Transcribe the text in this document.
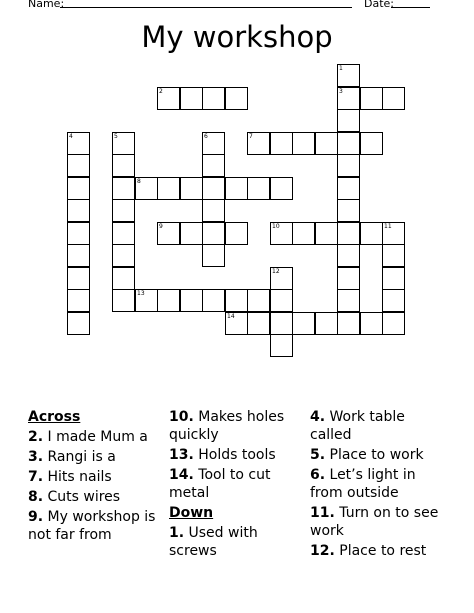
Name:	Date:
My workshop
1
3
2
4	5	6	7
8
9	10	11
12
13
14
Across
2. I made Mum a
3. Rangi is a
7. Hits nails
8. Cuts wires
9. My workshop is not far from
10. Makes holes quickly
13. Holds tools
14. Tool to cut metal
Down
1. Used with screws
4. Work table called
5. Place to work
6. Let’s light in from outside
11. Turn on to see work
12. Place to rest
